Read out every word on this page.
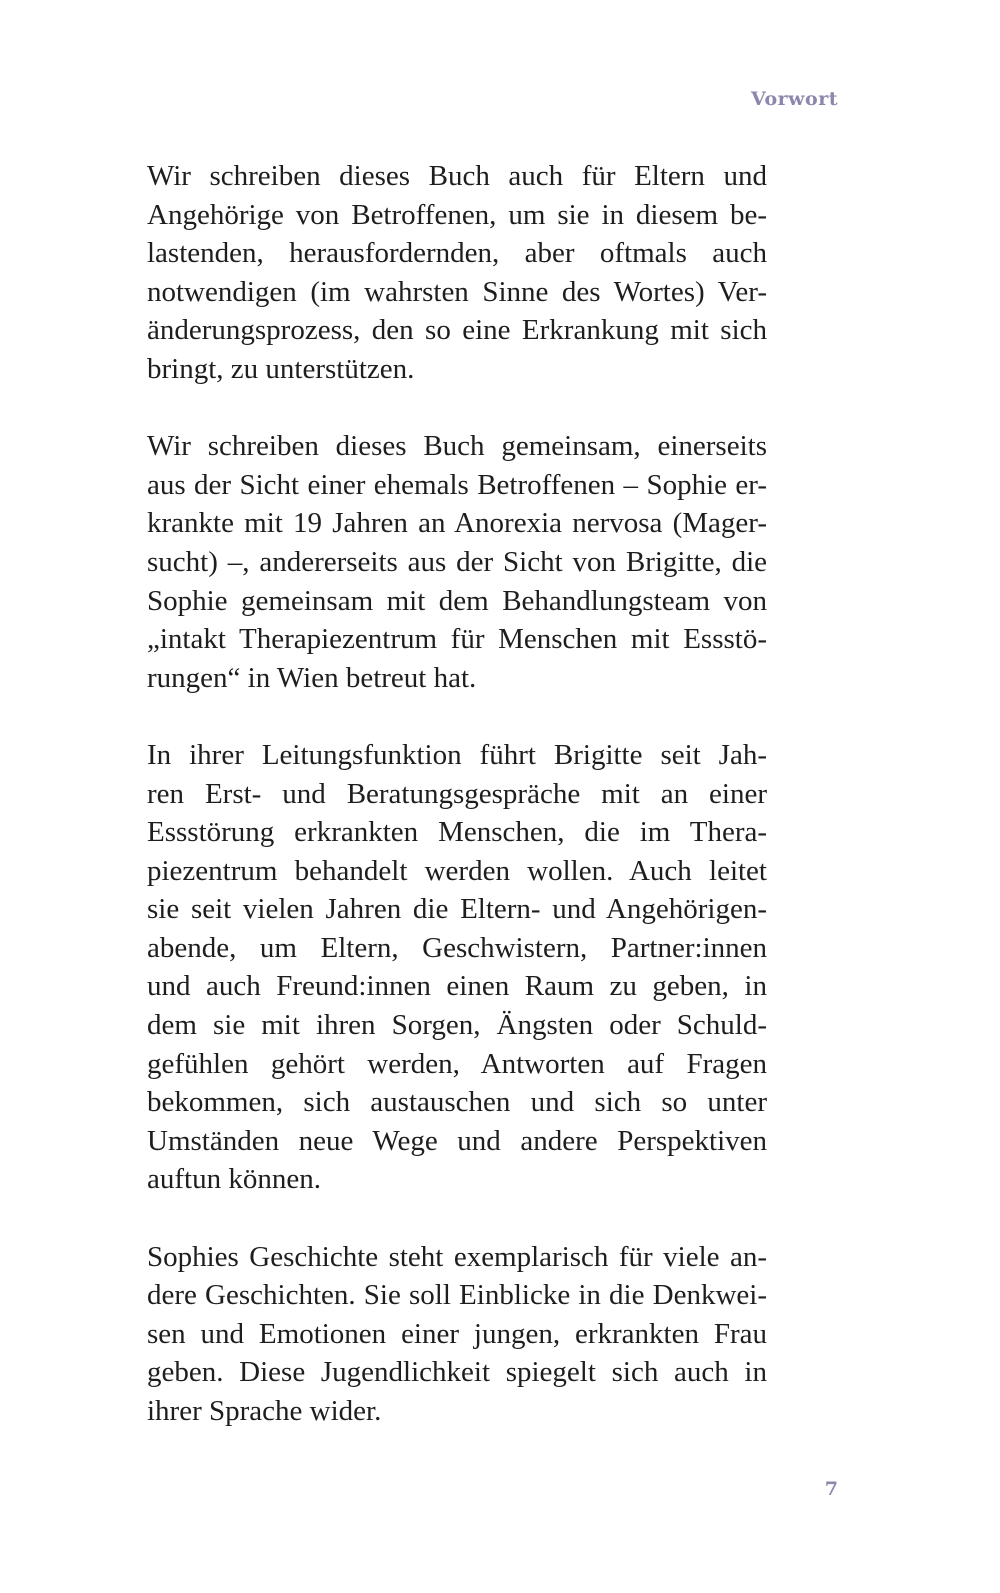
Vorwort
Wir schreiben dieses Buch auch für Eltern und
Angehörige von Betroffenen, um sie in diesem be-
lastenden, herausfordernden, aber oftmals auch
notwendigen (im wahrsten Sinne des Wortes) Ver-
änderungsprozess, den so eine Erkrankung mit sich
bringt, zu unterstützen.
Wir schreiben dieses Buch gemeinsam, einerseits
aus der Sicht einer ehemals Betroffenen – Sophie er-
krankte mit 19 Jahren an Anorexia nervosa (Mager-
sucht) –, andererseits aus der Sicht von Brigitte, die
Sophie gemeinsam mit dem Behandlungsteam von
„intakt Therapiezentrum für Menschen mit Essstö-
rungen“ in Wien betreut hat.
In ihrer Leitungsfunktion führt Brigitte seit Jah-
ren Erst- und Beratungsgespräche mit an einer
Essstörung erkrankten Menschen, die im Thera-
piezentrum behandelt werden wollen. Auch leitet
sie seit vielen Jahren die Eltern- und Angehörigen-
abende, um Eltern, Geschwistern, Partner:innen
und auch Freund:innen einen Raum zu geben, in
dem sie mit ihren Sorgen, Ängsten oder Schuld-
gefühlen gehört werden, Antworten auf Fragen
bekommen, sich austauschen und sich so unter
Umständen neue Wege und andere Perspektiven
auftun können.
Sophies Geschichte steht exemplarisch für viele an-
dere Geschichten. Sie soll Einblicke in die Denkwei-
sen und Emotionen einer jungen, erkrankten Frau
geben. Diese Jugendlichkeit spiegelt sich auch in
ihrer Sprache wider.
7
